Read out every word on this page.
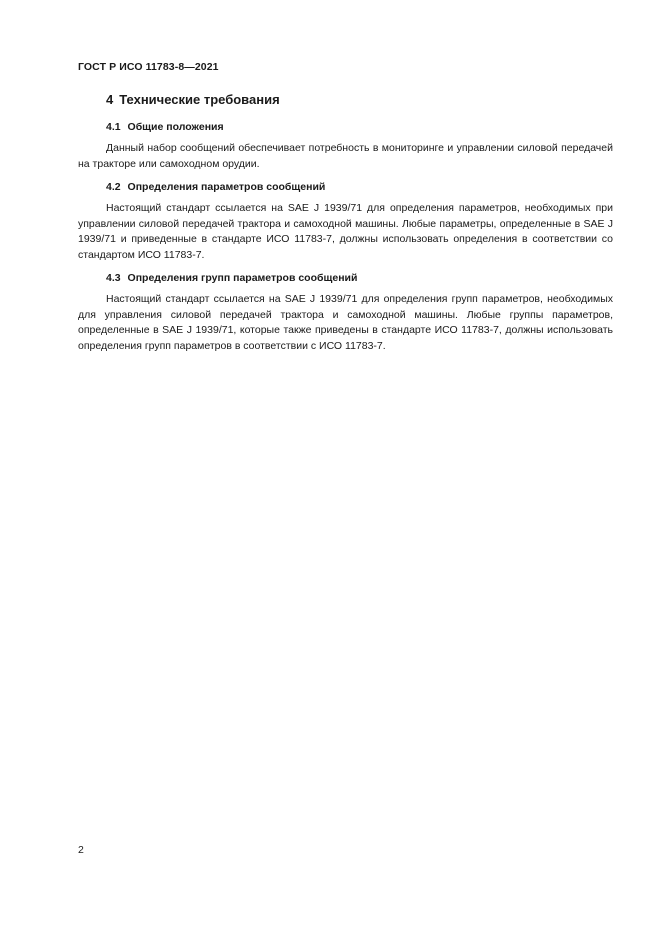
ГОСТ Р ИСО 11783-8—2021
4 Технические требования
4.1 Общие положения

Данный набор сообщений обеспечивает потребность в мониторинге и управлении силовой передачей на тракторе или самоходном орудии.

4.2 Определения параметров сообщений

Настоящий стандарт ссылается на SAE J 1939/71 для определения параметров, необходимых при управлении силовой передачей трактора и самоходной машины. Любые параметры, определенные в SAE J 1939/71 и приведенные в стандарте ИСО 11783-7, должны использовать определения в соответствии со стандартом ИСО 11783-7.

4.3 Определения групп параметров сообщений

Настоящий стандарт ссылается на SAE J 1939/71 для определения групп параметров, необходимых для управления силовой передачей трактора и самоходной машины. Любые группы параметров, определенные в SAE J 1939/71, которые также приведены в стандарте ИСО 11783-7, должны использовать определения групп параметров в соответствии с ИСО 11783-7.

2
